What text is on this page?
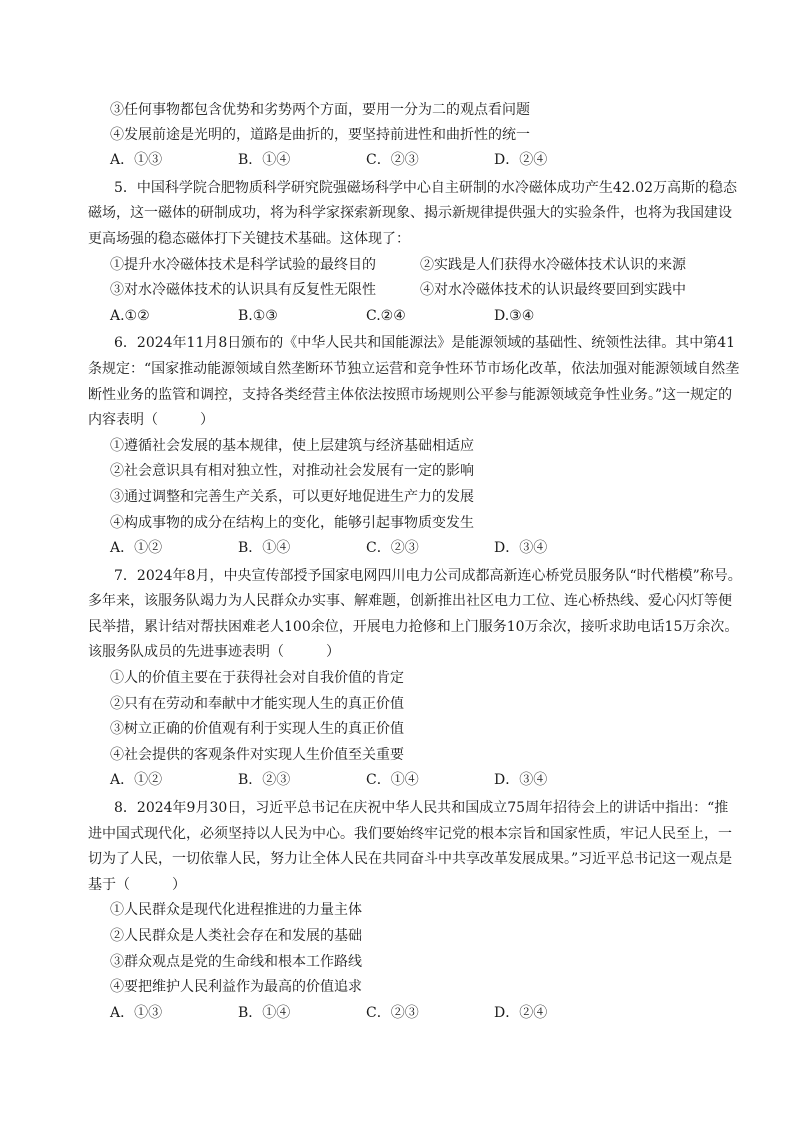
③任何事物都包含优势和劣势两个方面，要用一分为二的观点看问题
④发展前途是光明的，道路是曲折的，要坚持前进性和曲折性的统一
A．①③	B．①④	C．②③	D．②④
5．中国科学院合肥物质科学研究院强磁场科学中心自主研制的水冷磁体成功产生42.02万高斯的稳态
磁场，这一磁体的研制成功，将为科学家探索新现象、揭示新规律提供强大的实验条件，也将为我国建设
更高场强的稳态磁体打下关键技术基础。这体现了：
①提升水冷磁体技术是科学试验的最终目的	②实践是人们获得水冷磁体技术认识的来源
③对水冷磁体技术的认识具有反复性无限性	④对水冷磁体技术的认识最终要回到实践中
A.①②	B.①③	C.②④	D.③④
6．2024年11月8日颁布的《中华人民共和国能源法》是能源领域的基础性、统领性法律。其中第41
条规定：“国家推动能源领域自然垄断环节独立运营和竞争性环节市场化改革，依法加强对能源领域自然垄
断性业务的监管和调控，支持各类经营主体依法按照市场规则公平参与能源领域竞争性业务。”这一规定的
内容表明（　　　）
①遵循社会发展的基本规律，使上层建筑与经济基础相适应
②社会意识具有相对独立性，对推动社会发展有一定的影响
③通过调整和完善生产关系，可以更好地促进生产力的发展
④构成事物的成分在结构上的变化，能够引起事物质变发生
A．①②	B．①④	C．②③	D．③④
7．2024年8月，中央宣传部授予国家电网四川电力公司成都高新连心桥党员服务队“时代楷模”称号。
多年来，该服务队竭力为人民群众办实事、解难题，创新推出社区电力工位、连心桥热线、爱心闪灯等便
民举措，累计结对帮扶困难老人100余位，开展电力抢修和上门服务10万余次，接听求助电话15万余次。
该服务队成员的先进事迹表明（　　　）
①人的价值主要在于获得社会对自我价值的肯定
②只有在劳动和奉献中才能实现人生的真正价值
③树立正确的价值观有利于实现人生的真正价值
④社会提供的客观条件对实现人生价值至关重要
A．①②	B．②③	C．①④	D．③④
8．2024年9月30日，习近平总书记在庆祝中华人民共和国成立75周年招待会上的讲话中指出：“推
进中国式现代化，必须坚持以人民为中心。我们要始终牢记党的根本宗旨和国家性质，牢记人民至上，一
切为了人民，一切依靠人民，努力让全体人民在共同奋斗中共享改革发展成果。”习近平总书记这一观点是
基于（　　　）
①人民群众是现代化进程推进的力量主体
②人民群众是人类社会存在和发展的基础
③群众观点是党的生命线和根本工作路线
④要把维护人民利益作为最高的价值追求
A．①③	B．①④	C．②③	D．②④
